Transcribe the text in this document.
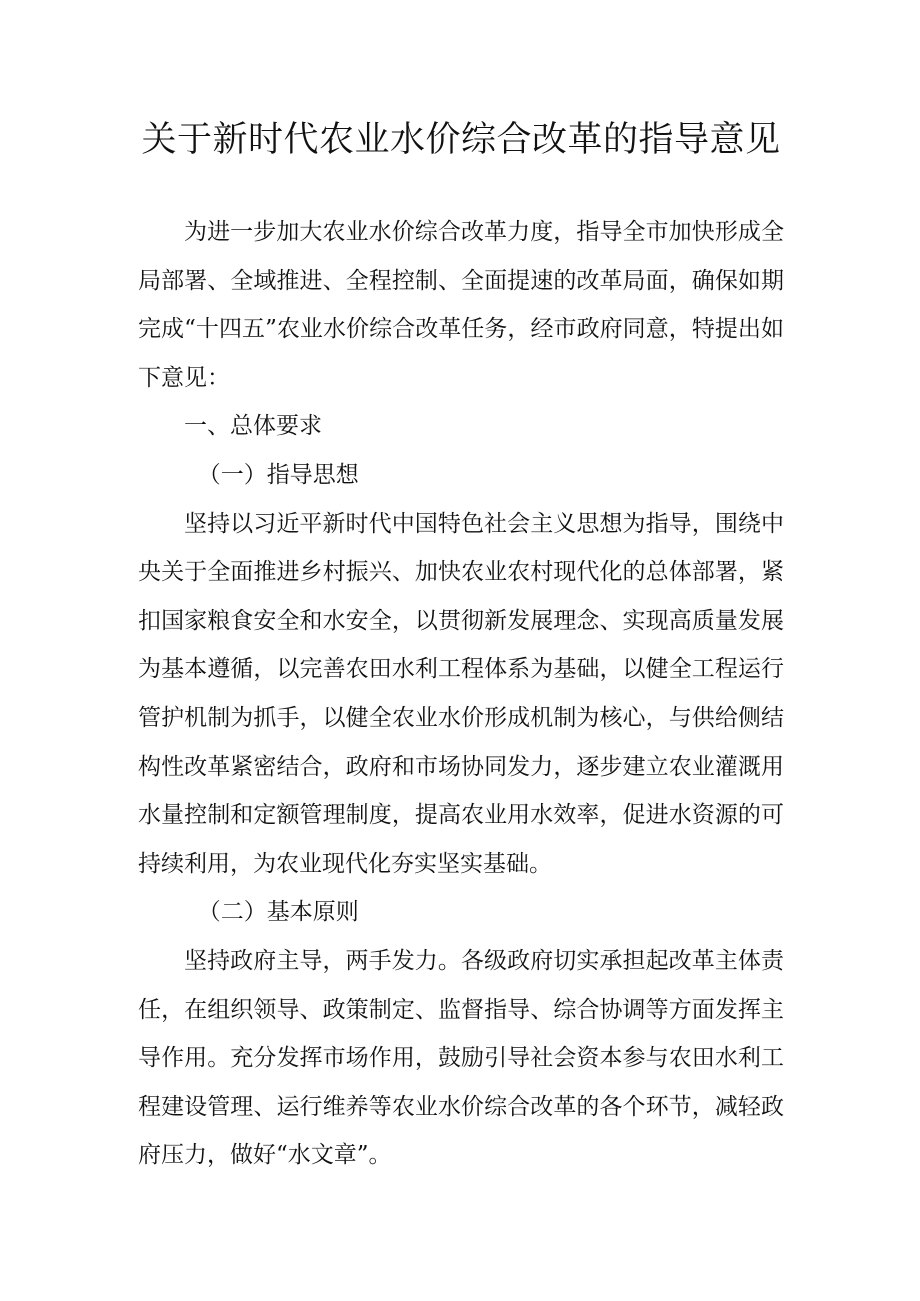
关于新时代农业水价综合改革的指导意见

为进一步加大农业水价综合改革力度，指导全市加快形成全局部署、全域推进、全程控制、全面提速的改革局面，确保如期完成“十四五”农业水价综合改革任务，经市政府同意，特提出如下意见：

一、总体要求

（一）指导思想

坚持以习近平新时代中国特色社会主义思想为指导，围绕中央关于全面推进乡村振兴、加快农业农村现代化的总体部署，紧扣国家粮食安全和水安全，以贯彻新发展理念、实现高质量发展为基本遵循，以完善农田水利工程体系为基础，以健全工程运行管护机制为抓手，以健全农业水价形成机制为核心，与供给侧结构性改革紧密结合，政府和市场协同发力，逐步建立农业灌溉用水量控制和定额管理制度，提高农业用水效率，促进水资源的可持续利用，为农业现代化夯实坚实基础。

（二）基本原则

坚持政府主导，两手发力。各级政府切实承担起改革主体责任，在组织领导、政策制定、监督指导、综合协调等方面发挥主导作用。充分发挥市场作用，鼓励引导社会资本参与农田水利工程建设管理、运行维养等农业水价综合改革的各个环节，减轻政府压力，做好“水文章”。
